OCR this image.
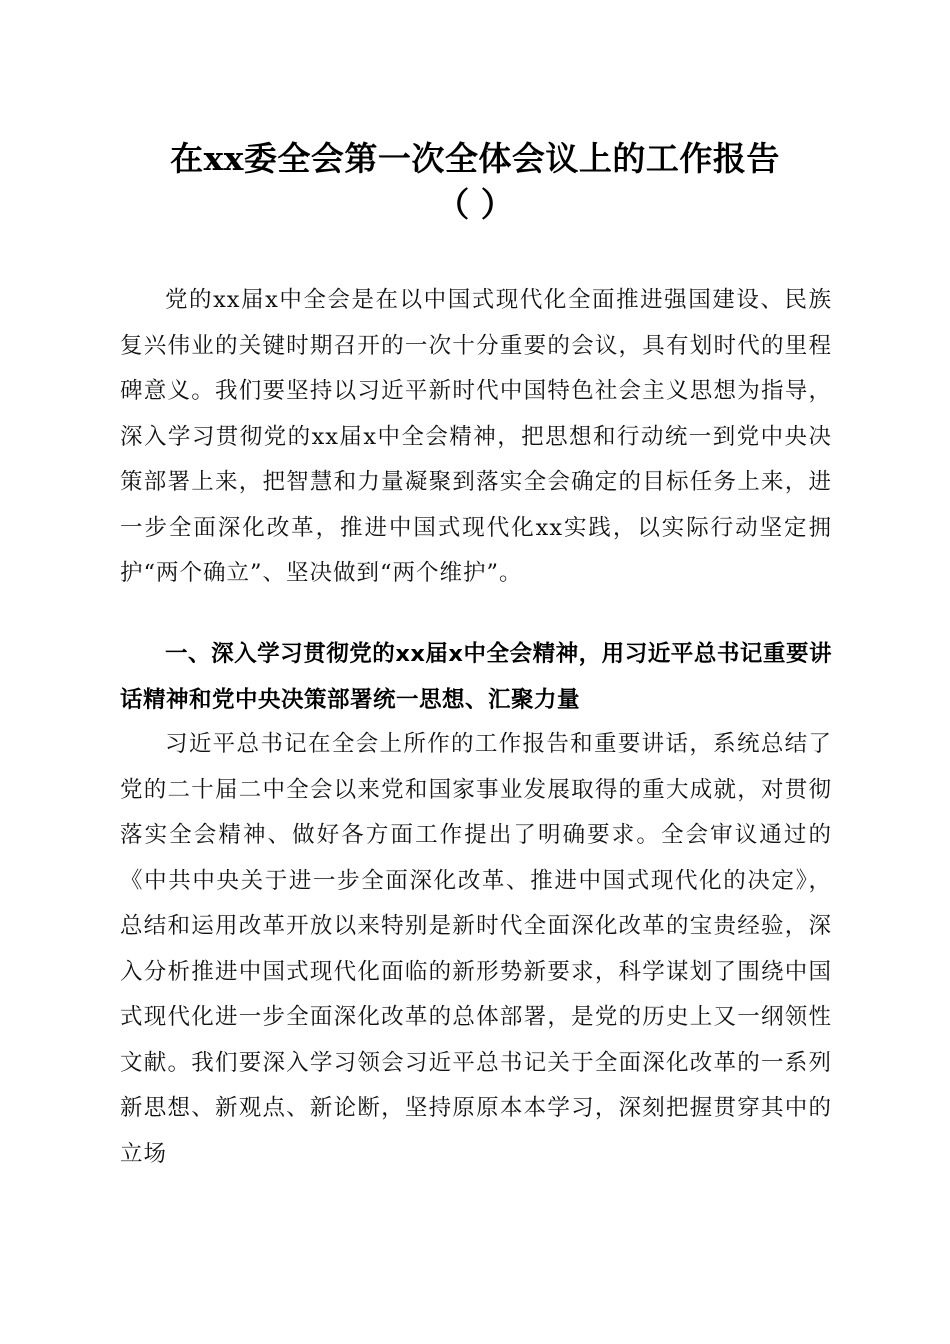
在xx委全会第一次全体会议上的工作报告
（ ）

党的xx届x中全会是在以中国式现代化全面推进强国建设、民族复兴伟业的关键时期召开的一次十分重要的会议，具有划时代的里程碑意义。我们要坚持以习近平新时代中国特色社会主义思想为指导，深入学习贯彻党的xx届x中全会精神，把思想和行动统一到党中央决策部署上来，把智慧和力量凝聚到落实全会确定的目标任务上来，进一步全面深化改革，推进中国式现代化xx实践，以实际行动坚定拥护“两个确立”、坚决做到“两个维护”。

一、深入学习贯彻党的xx届x中全会精神，用习近平总书记重要讲话精神和党中央决策部署统一思想、汇聚力量

习近平总书记在全会上所作的工作报告和重要讲话，系统总结了党的二十届二中全会以来党和国家事业发展取得的重大成就，对贯彻落实全会精神、做好各方面工作提出了明确要求。全会审议通过的《中共中央关于进一步全面深化改革、推进中国式现代化的决定》，总结和运用改革开放以来特别是新时代全面深化改革的宝贵经验，深入分析推进中国式现代化面临的新形势新要求，科学谋划了围绕中国式现代化进一步全面深化改革的总体部署，是党的历史上又一纲领性文献。我们要深入学习领会习近平总书记关于全面深化改革的一系列新思想、新观点、新论断，坚持原原本本学习，深刻把握贯穿其中的立场
